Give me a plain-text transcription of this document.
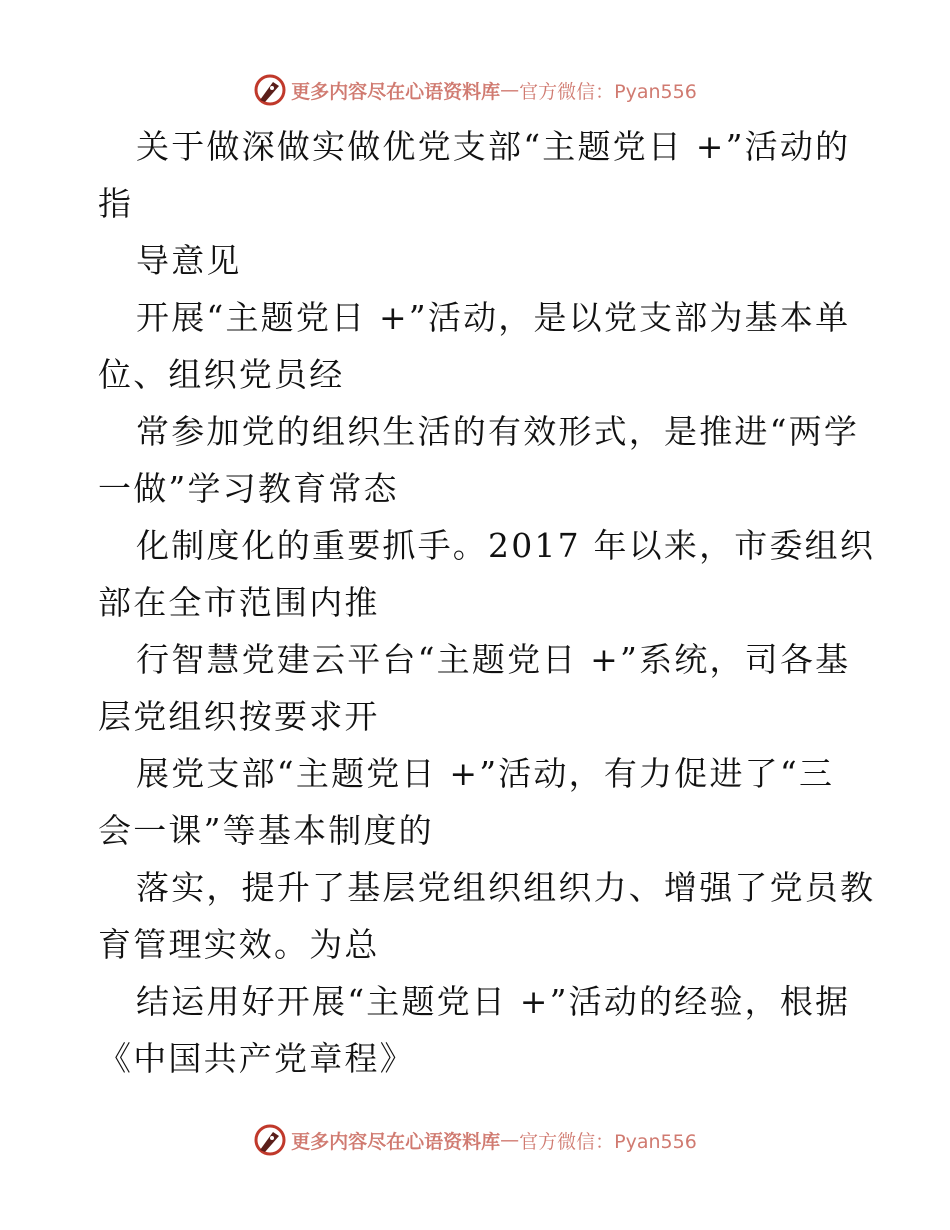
更多内容尽在心语资料库 — 官方微信：Pyan556
关于做深做实做优党支部“主题党日 +”活动的
指
导意见
开展“主题党日 +”活动，是以党支部为基本单
位、组织党员经
常参加党的组织生活的有效形式，是推进“两学
一做”学习教育常态
化制度化的重要抓手。2017 年以来，市委组织
部在全市范围内推
行智慧党建云平台“主题党日 +”系统，司各基
层党组织按要求开
展党支部“主题党日 +”活动，有力促进了“三
会一课”等基本制度的
落实，提升了基层党组织组织力、增强了党员教
育管理实效。为总
结运用好开展“主题党日 +”活动的经验，根据
《中国共产党章程》
更多内容尽在心语资料库 — 官方微信：Pyan556
